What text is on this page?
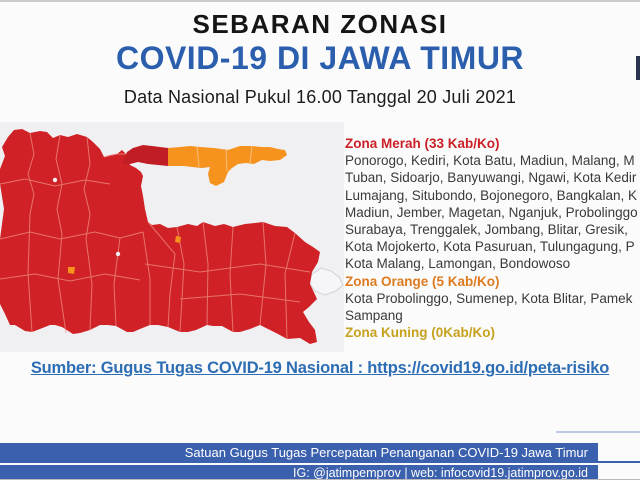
SEBARAN ZONASI
COVID-19 DI JAWA TIMUR
Data Nasional Pukul 16.00 Tanggal 20 Juli 2021
Zona Merah (33 Kab/Ko)
Ponorogo, Kediri, Kota Batu, Madiun, Malang, M
Tuban, Sidoarjo, Banyuwangi, Ngawi, Kota Kedir
Lumajang, Situbondo, Bojonegoro, Bangkalan, K
Madiun, Jember, Magetan, Nganjuk, Probolinggo
Surabaya, Trenggalek, Jombang, Blitar, Gresik,
Kota Mojokerto, Kota Pasuruan, Tulungagung, P
Kota Malang, Lamongan, Bondowoso
Zona Orange (5 Kab/Ko)
Kota Probolinggo, Sumenep, Kota Blitar, Pamek
Sampang
Zona Kuning (0Kab/Ko)
Sumber: Gugus Tugas COVID-19 Nasional : https://covid19.go.id/peta-risiko
Satuan Gugus Tugas Percepatan Penanganan COVID-19 Jawa Timur
IG: @jatimpemprov | web: infocovid19.jatimprov.go.id
